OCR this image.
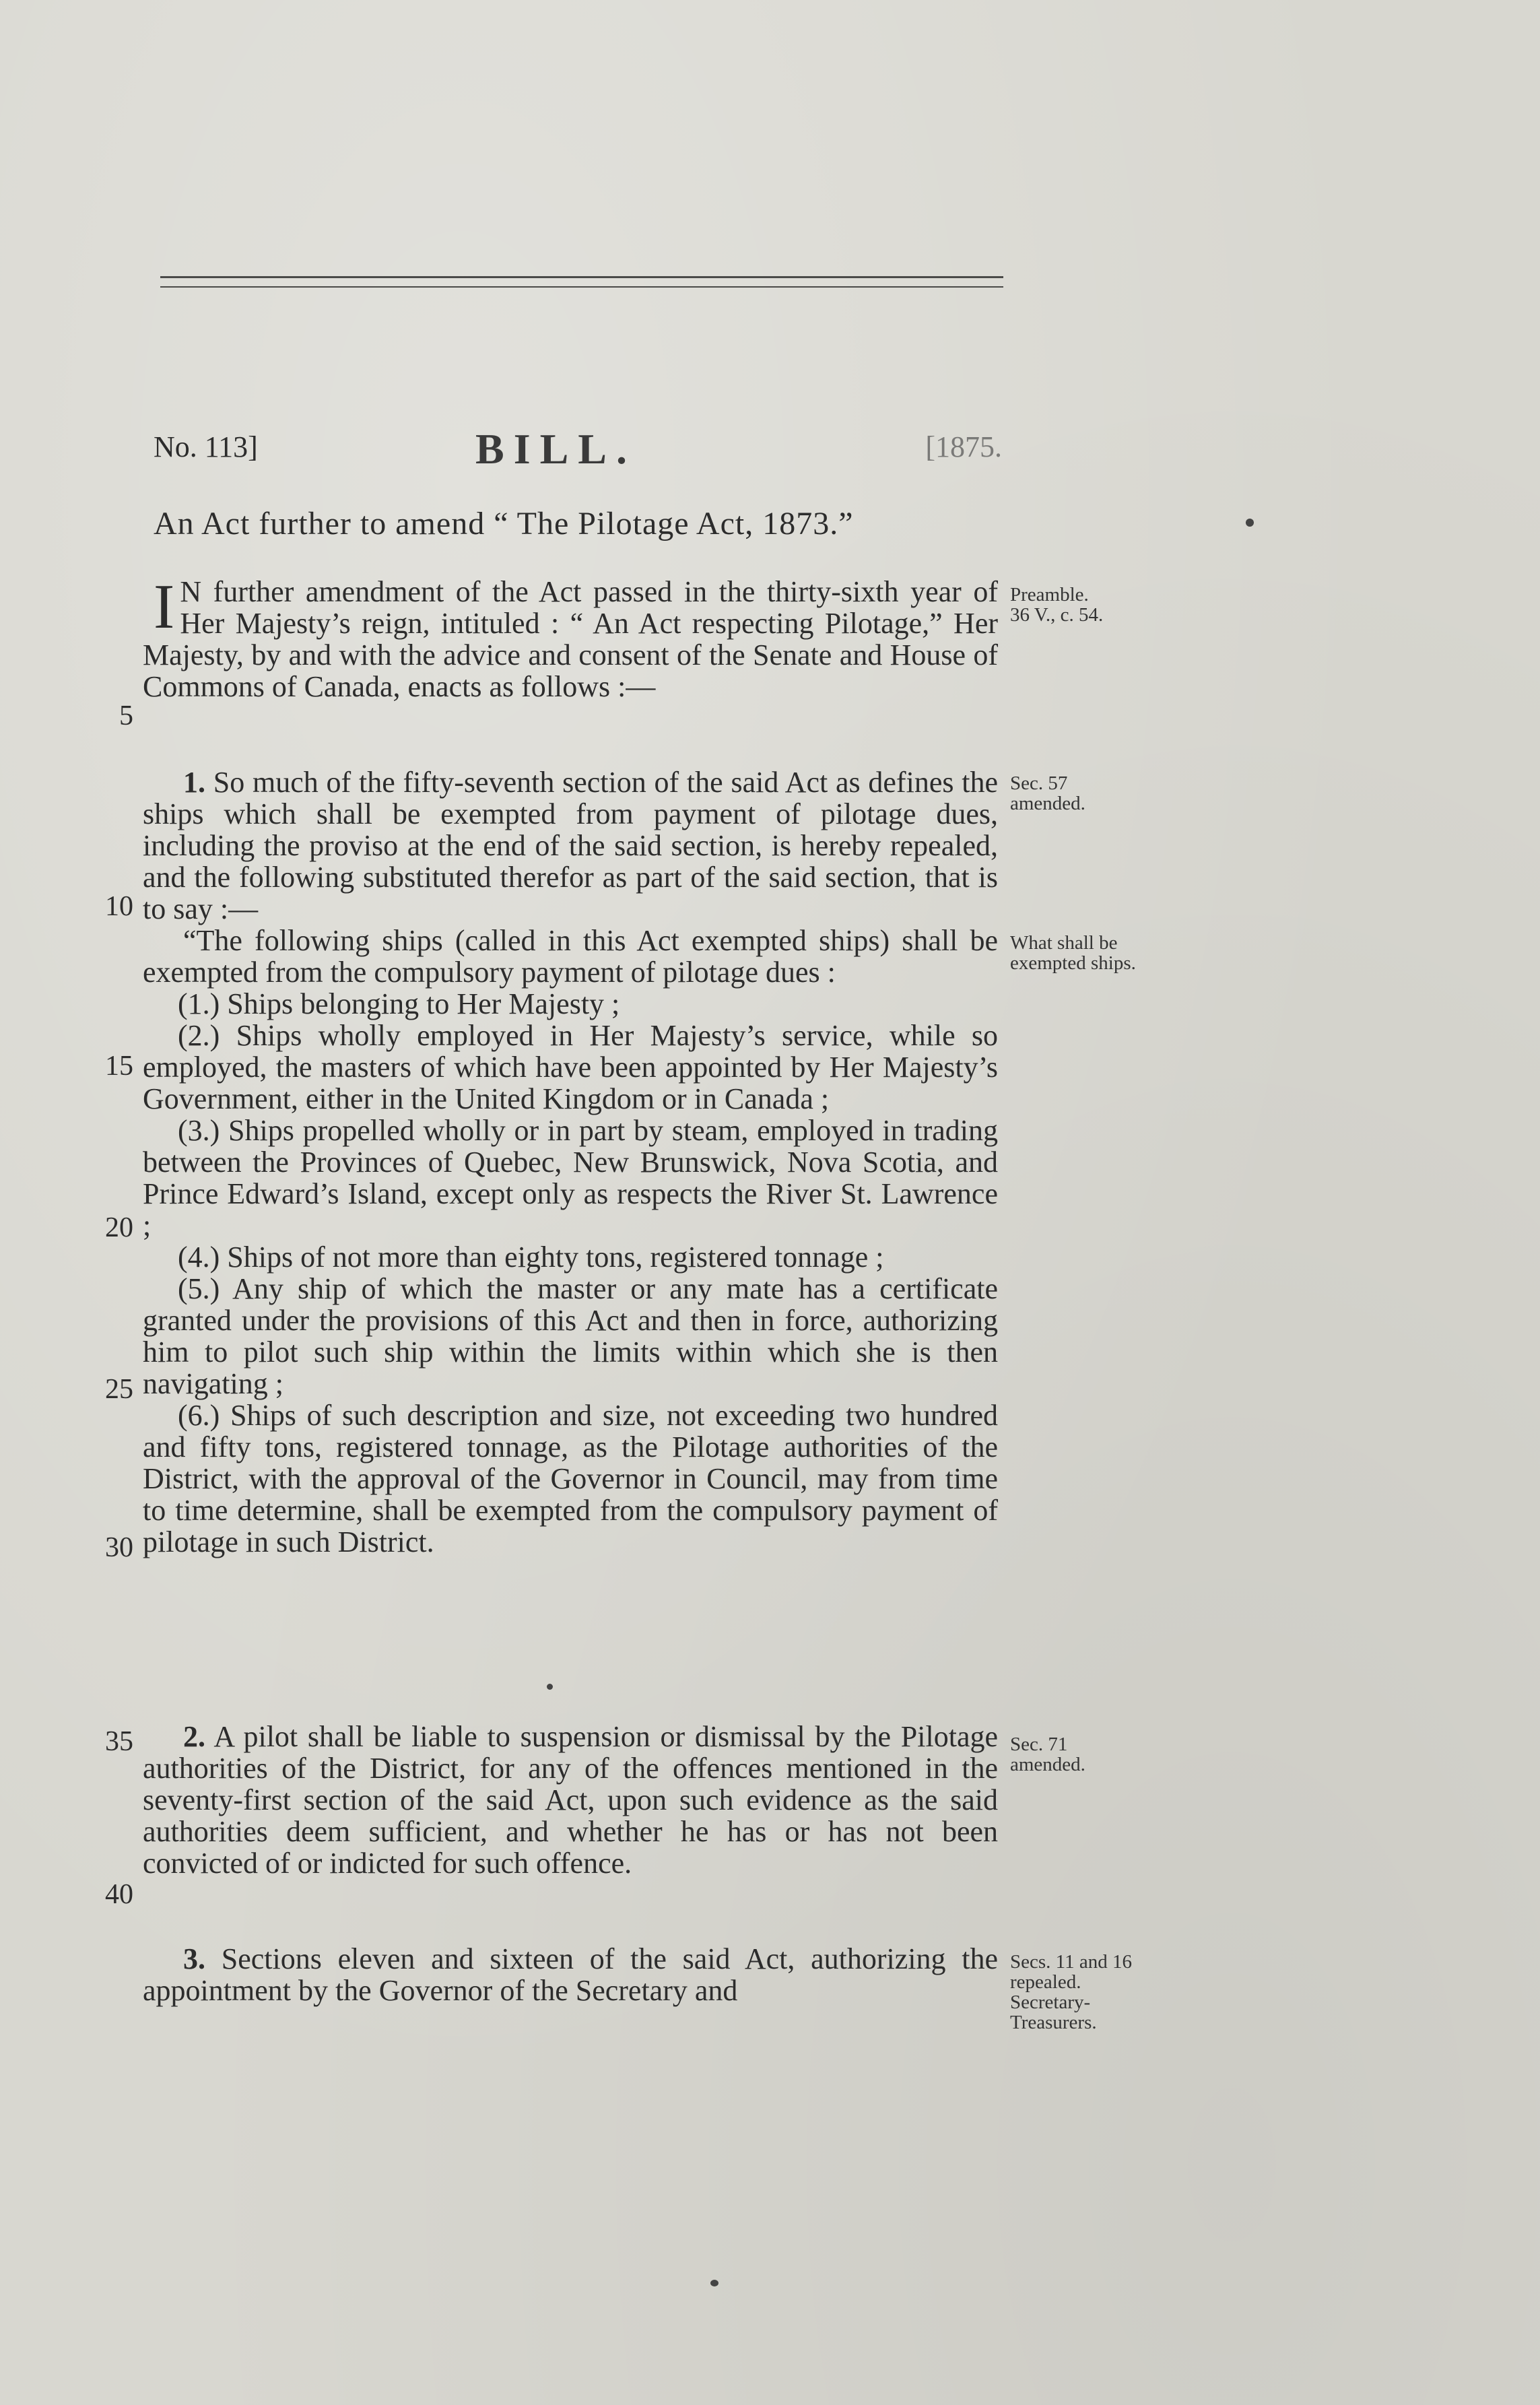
No. 113]	BILL.	[1875.
An Act further to amend “ The Pilotage Act, 1873.”

I N further amendment of the Act passed in the thirty-sixth year of Her Majesty’s reign, intituled : “ An Act respecting Pilotage,” Her Majesty, by and with the advice and consent of the Senate and House of Commons of Canada, enacts as follows :—

1. So much of the fifty-seventh section of the said Act as defines the ships which shall be exempted from payment of pilotage dues, including the proviso at the end of the said section, is hereby repealed, and the following substituted therefor as part of the said section, that is to say :—

“The following ships (called in this Act exempted ships) shall be exempted from the compulsory payment of pilotage dues :

(1.) Ships belonging to Her Majesty ;

(2.) Ships wholly employed in Her Majesty’s service, while so employed, the masters of which have been appointed by Her Majesty’s Government, either in the United Kingdom or in Canada ;

(3.) Ships propelled wholly or in part by steam, employed in trading between the Provinces of Quebec, New Brunswick, Nova Scotia, and Prince Edward’s Island, except only as respects the River St. Lawrence ;

(4.) Ships of not more than eighty tons, registered tonnage ;

(5.) Any ship of which the master or any mate has a certificate granted under the provisions of this Act and then in force, authorizing him to pilot such ship within the limits within which she is then navigating ;

(6.) Ships of such description and size, not exceeding two hundred and fifty tons, registered tonnage, as the Pilotage authorities of the District, with the approval of the Governor in Council, may from time to time determine, shall be exempted from the compulsory payment of pilotage in such District.

2. A pilot shall be liable to suspension or dismissal by the Pilotage authorities of the District, for any of the offences mentioned in the seventy-first section of the said Act, upon such evidence as the said authorities deem sufficient, and whether he has or has not been convicted of or indicted for such offence.

3. Sections eleven and sixteen of the said Act, authorizing the appointment by the Governor of the Secretary and

5
10
15
20
25
30
35
40
Preamble.
36 V., c. 54.
Sec. 57 amended.
What shall be exempted ships.
Sec. 71 amended.
Secs. 11 and 16 repealed. Secretary-Treasurers.
